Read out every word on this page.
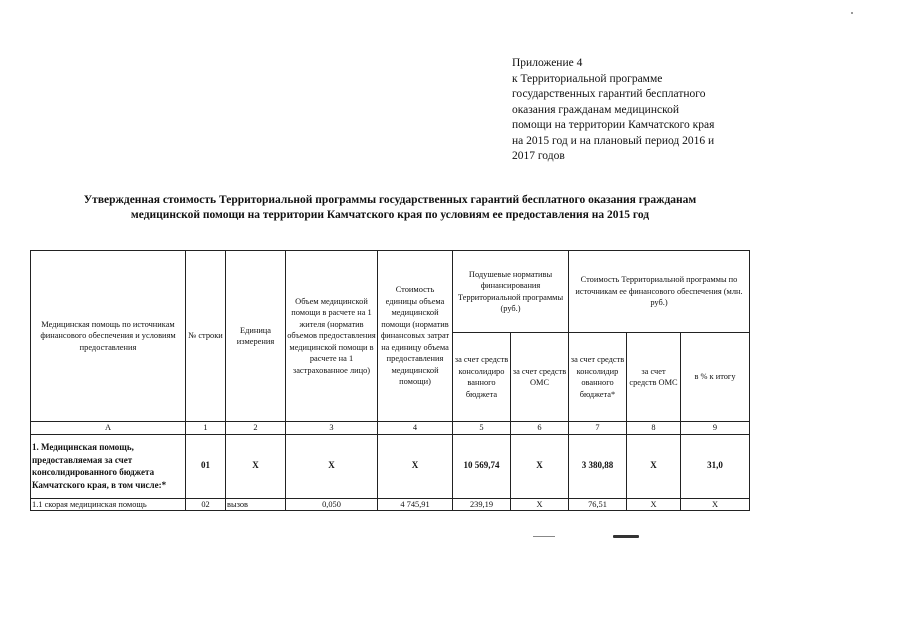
Приложение 4
к Территориальной программе
государственных гарантий бесплатного
оказания гражданам медицинской
помощи на территории Камчатского края
на 2015 год и на плановый период 2016 и
2017 годов
Утвержденная стоимость Территориальной программы государственных гарантий бесплатного оказания гражданам
медицинской помощи на территории Камчатского края по условиям ее предоставления на 2015 год
Медицинская помощь по источникам финансового обеспечения и условиям предоставления	№ строки	Единица измерения	Объем медицинской помощи в расчете на 1 жителя (норматив объемов предоставления медицинской помощи в расчете на 1 застрахованное лицо)	Стоимость единицы объема медицинской помощи (норматив финансовых затрат на единицу объема предоставления медицинской помощи)	Подушевые нормативы финансирования Территориальной программы (руб.)		Стоимость Территориальной программы по источникам ее финансового обеспечения (млн. руб.)		
					за счет средств консолидиро ванного бюджета	за счет средств ОМС	за счет средств консолидир ованного бюджета*	за счет средств ОМС	в % к итогу
А	1	2	3	4	5	6	7	8	9
1. Медицинская помощь, предоставляемая за счет консолидированного бюджета Камчатского края, в том числе:*	01	Х	Х	Х	10 569,74	Х	3 380,88	Х	31,0
1.1 скорая медицинская помощь	02	вызов	0,050	4 745,91	239,19	Х	76,51	Х	Х
